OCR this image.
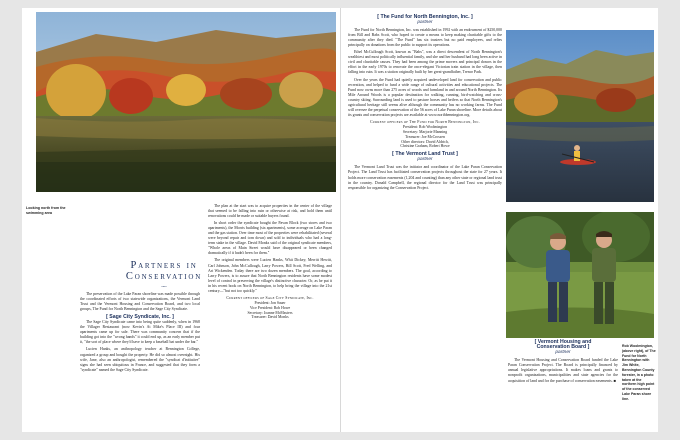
Looking north from the swimming area
Partners in
Conservation
~•~

The preservation of the Lake Paran shoreline was made possible through the coordinated efforts of two statewide organizations, the Vermont Land Trust and the Vermont Housing and Conservation Board, and two local groups, The Fund for North Bennington and the Sage City Syndicate.

[ Sage City Syndicate, Inc. ]

The Sage City Syndicate came into being quite suddenly, when in 1968 the Villager Restaurant (now Kevin's At Mike's Place III) and four apartments came up for sale. There was community concern that if the building got into the "wrong hands" it could end up, as an early member put it, "the sort of place where they'd have to keep a baseball bat under the bar."

Lucien Hanks, an anthropology teacher at Bennington College, organized a group and bought the property. He did so almost overnight. His wife, Jane, also an anthropologist, remembered the "syndicat d'initiative" signs she had seen ubiquitous in France, and suggested that they form a "syndicate" named the Sage City Syndicate.

The plan at the start was to acquire properties in the center of the village that seemed to be falling into ruin or otherwise at risk, and hold them until renovations could be made or suitable buyers found.

In short order the syndicate bought the Pavan Block (two stores and two apartments), the Morris building (six apartments), some acreage on Lake Paran and the gas station. Over time most of the properties were rehabilitated (several were beyond repair and torn down) and sold to individuals who had a long-term stake in the village. David Monks said of the original syndicate members, "Whole areas of Main Street would have disappeared or been changed dramatically if it hadn't been for them."

The original members were Lucien Hanks, Whit Dickey, Merritt Hewitt, Carl Johnson, John McCullough, Larry Powers, Bill Scott, Fred Welling, and Art Wickenden. Today there are two dozen members. The goal, according to Larry Powers, is to assure that North Bennington residents have some modest level of control in preserving the village's distinctive character. Or, as he put it in his recent book on North Bennington, to help bring the village into the 21st century—"but not too quickly."

Current officers of Sage City Syndicate, Inc.
President: Jon Sauer
Vice President: Rob Howe
Secretary: Joanne McMasters
Treasurer: David Monks
[ The Fund for North Bennington, Inc. ]
partner

The Fund for North Bennington, Inc. was established in 1992 with an endowment of $250,000 from Bill and Babs Scott, who hoped to create a means to keep making charitable gifts to the community after they died. "The Fund" has six trustees but no paid employees, and relies principally on donations from the public to support its operations.

Ethel McCullough Scott, known as "Babs", was a direct descendent of North Bennington's wealthiest and most politically influential family, and she and her husband had long been active in civil and charitable causes. They had been among the prime movers and principal donors in the effort in the early 1970s to renovate the once-elegant Victorian train station in the village, then falling into ruin. It was a station originally built by her great-grandfather, Trenor Park.

Over the years the Fund had quietly acquired undeveloped land for conservation and public recreation, and helped to fund a wide range of cultural activities and educational projects. The Fund now owns more than 275 acres of woods and farmland in and around North Bennington. Its Mile Around Woods is a popular destination for walking, running, bird-watching and cross-country skiing. Surrounding land is used to pasture horses and heifers so that North Bennington's agricultural heritage still seems alive although the community has no working farms. The Fund will oversee the perpetual conservation of the 56 acres of Lake Paran shoreline. More details about its grants and conservation projects are available at www.northbennington.org.

Current officers of The Fund for North Bennington, Inc.
President: Rob Woolmington
Secretary: Marjorie Manning
Treasurer: Joe McCrossen
Other directors: David Aldrich,
Christine Graham, Robert Howe
[ The Vermont Land Trust ]
partner

The Vermont Land Trust was the initiator and coordinator of the Lake Paran Conservation Project. The Land Trust has facilitated conservation projects throughout the state for 27 years. It holds more conservation easements (1,204 and counting) than any other state or regional land trust in the country. Donald Campbell, the regional director for the Land Trust was principally responsible for organizing the Conservation Project.

[ Vermont Housing and
Conservation Board ]
partner

The Vermont Housing and Conservation Board funded the Lake Paran Conservation Project. The Board is principally financed by annual legislative appropriations. It makes loans and grants to nonprofit organizations, municipalities and state agencies for the acquisition of land and for the purchase of conservation easements. ■

Rob Woolmington, (above right), of The Fund for North Bennington with Jim White, Bennington County forester, in a photo taken at the northern high point of the conserved Lake Paran shore line.
